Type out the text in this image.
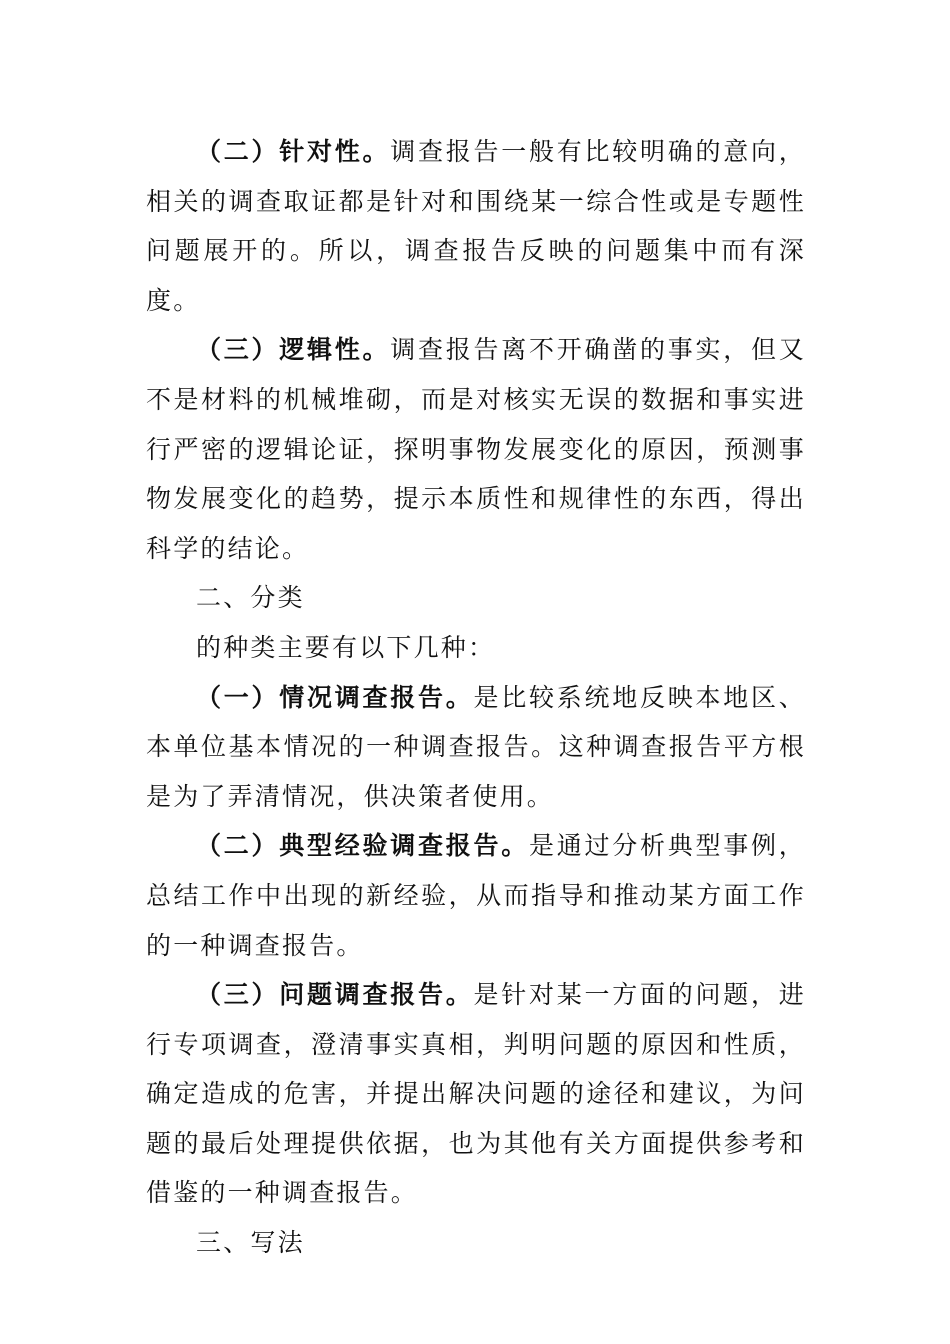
（二）针对性。调查报告一般有比较明确的意向，相关的调查取证都是针对和围绕某一综合性或是专题性问题展开的。所以，调查报告反映的问题集中而有深度。

（三）逻辑性。调查报告离不开确凿的事实，但又不是材料的机械堆砌，而是对核实无误的数据和事实进行严密的逻辑论证，探明事物发展变化的原因，预测事物发展变化的趋势，提示本质性和规律性的东西，得出科学的结论。

二、分类

的种类主要有以下几种：

（一）情况调查报告。是比较系统地反映本地区、本单位基本情况的一种调查报告。这种调查报告平方根是为了弄清情况，供决策者使用。

（二）典型经验调查报告。是通过分析典型事例，总结工作中出现的新经验，从而指导和推动某方面工作的一种调查报告。

（三）问题调查报告。是针对某一方面的问题，进行专项调查，澄清事实真相，判明问题的原因和性质，确定造成的危害，并提出解决问题的途径和建议，为问题的最后处理提供依据，也为其他有关方面提供参考和借鉴的一种调查报告。

三、写法
